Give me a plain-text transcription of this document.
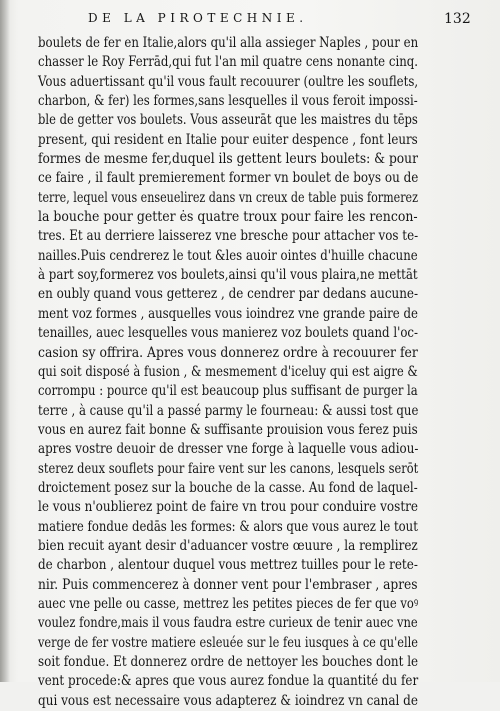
DE LA PIROTECHNIE.	132
boulets de fer en Italie,alors qu'il alla assieger Naples , pour en
chasser le Roy Ferrād,qui fut l'an mil quatre cens nonante cinq.
Vous aduertissant qu'il vous fault recouurer (oultre les souflets,
charbon, & fer) les formes,sans lesquelles il vous feroit impossi-
ble de getter vos boulets. Vous asseurāt que les maistres du tēps
present, qui resident en Italie pour euiter despence , font leurs
formes de mesme fer,duquel ils gettent leurs boulets: & pour
ce faire , il fault premierement former vn boulet de boys ou de
terre, lequel vous enseuelirez dans vn creux de table puis formerez
la bouche pour getter ės quatre troux pour faire les rencon-
tres. Et au derriere laisserez vne bresche pour attacher vos te-
nailles.Puis cendrerez le tout &les auoir ointes d'huille chacune
à part soy,formerez vos boulets,ainsi qu'il vous plaira,ne mettāt
en oubly quand vous getterez , de cendrer par dedans aucune-
ment voz formes , ausquelles vous ioindrez vne grande paire de
tenailles, auec lesquelles vous manierez voz boulets quand l'oc-
casion sy offrira. Apres vous donnerez ordre à recouurer fer
qui soit disposé à fusion , & mesmement d'iceluy qui est aigre &
corrompu : pource qu'il est beaucoup plus suffisant de purger la
terre , à cause qu'il a passé parmy le fourneau: & aussi tost que
vous en aurez fait bonne & suffisante prouision vous ferez puis
apres vostre deuoir de dresser vne forge à laquelle vous adiou-
sterez deux souflets pour faire vent sur les canons, lesquels serōt
droictement posez sur la bouche de la casse. Au fond de laquel-
le vous n'oublierez point de faire vn trou pour conduire vostre
matiere fondue dedās les formes: & alors que vous aurez le tout
bien recuit ayant desir d'aduancer vostre œuure , la remplirez
de charbon , alentour duquel vous mettrez tuilles pour le rete-
nir. Puis commencerez à donner vent pour l'embraser , apres
auec vne pelle ou casse, mettrez les petites pieces de fer que voꝰ
voulez fondre,mais il vous faudra estre curieux de tenir auec vne
verge de fer vostre matiere esleuée sur le feu iusques à ce qu'elle
soit fondue. Et donnerez ordre de nettoyer les bouches dont le
vent procede:& apres que vous aurez fondue la quantité du fer
qui vous est necessaire vous adapterez & ioindrez vn canal de
